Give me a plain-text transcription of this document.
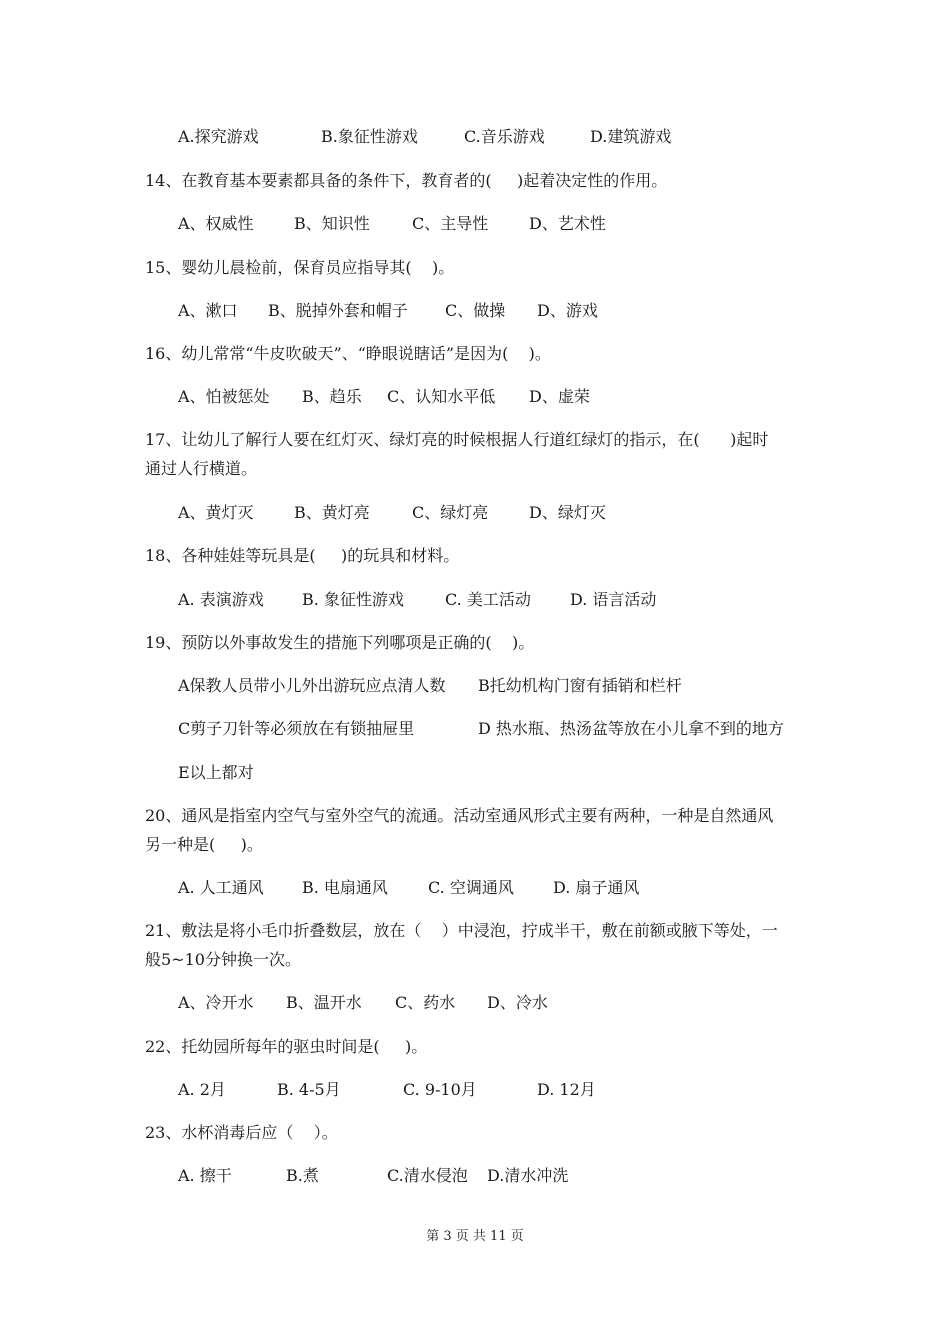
A.探究游戏	B.象征性游戏	C.音乐游戏	D.建筑游戏
14、在教育基本要素都具备的条件下，教育者的(     )起着决定性的作用。
A、权威性	B、知识性	C、主导性	D、艺术性
15、婴幼儿晨检前，保育员应指导其(    )。
A、漱口 B、脱掉外套和帽子 C、做操 D、游戏
16、幼儿常常“牛皮吹破天”、“睁眼说瞎话”是因为(    )。
A、怕被惩处 B、趋乐 C、认知水平低 D、虚荣
17、让幼儿了解行人要在红灯灭、绿灯亮的时候根据人行道红绿灯的指示，在(      )起时
通过人行横道。
A、黄灯灭	B、黄灯亮	C、绿灯亮	D、绿灯灭
18、各种娃娃等玩具是(     )的玩具和材料。
A. 表演游戏 B. 象征性游戏	C. 美工活动 D. 语言活动
19、预防以外事故发生的措施下列哪项是正确的(    )。
A保教人员带小儿外出游玩应点清人数 B托幼机构门窗有插销和栏杆
C剪子刀针等必须放在有锁抽屉里	D 热水瓶、热汤盆等放在小儿拿不到的地方
E以上都对
20、通风是指室内空气与室外空气的流通。活动室通风形式主要有两种，一种是自然通风
另一种是(     )。
A. 人工通风 B. 电扇通风	C. 空调通风 D. 扇子通风
21、敷法是将小毛巾折叠数层，放在（    ）中浸泡，拧成半干，敷在前额或腋下等处，一
般5~10分钟换一次。
A、冷开水 B、温开水 C、药水 D、冷水
22、托幼园所每年的驱虫时间是(     )。
A. 2月	B. 4-5月	C. 9-10月	D. 12月
23、水杯消毒后应（    ）。
A. 擦干	B.煮	C.清水侵泡 D.清水冲洗
第 3 页 共 11 页
